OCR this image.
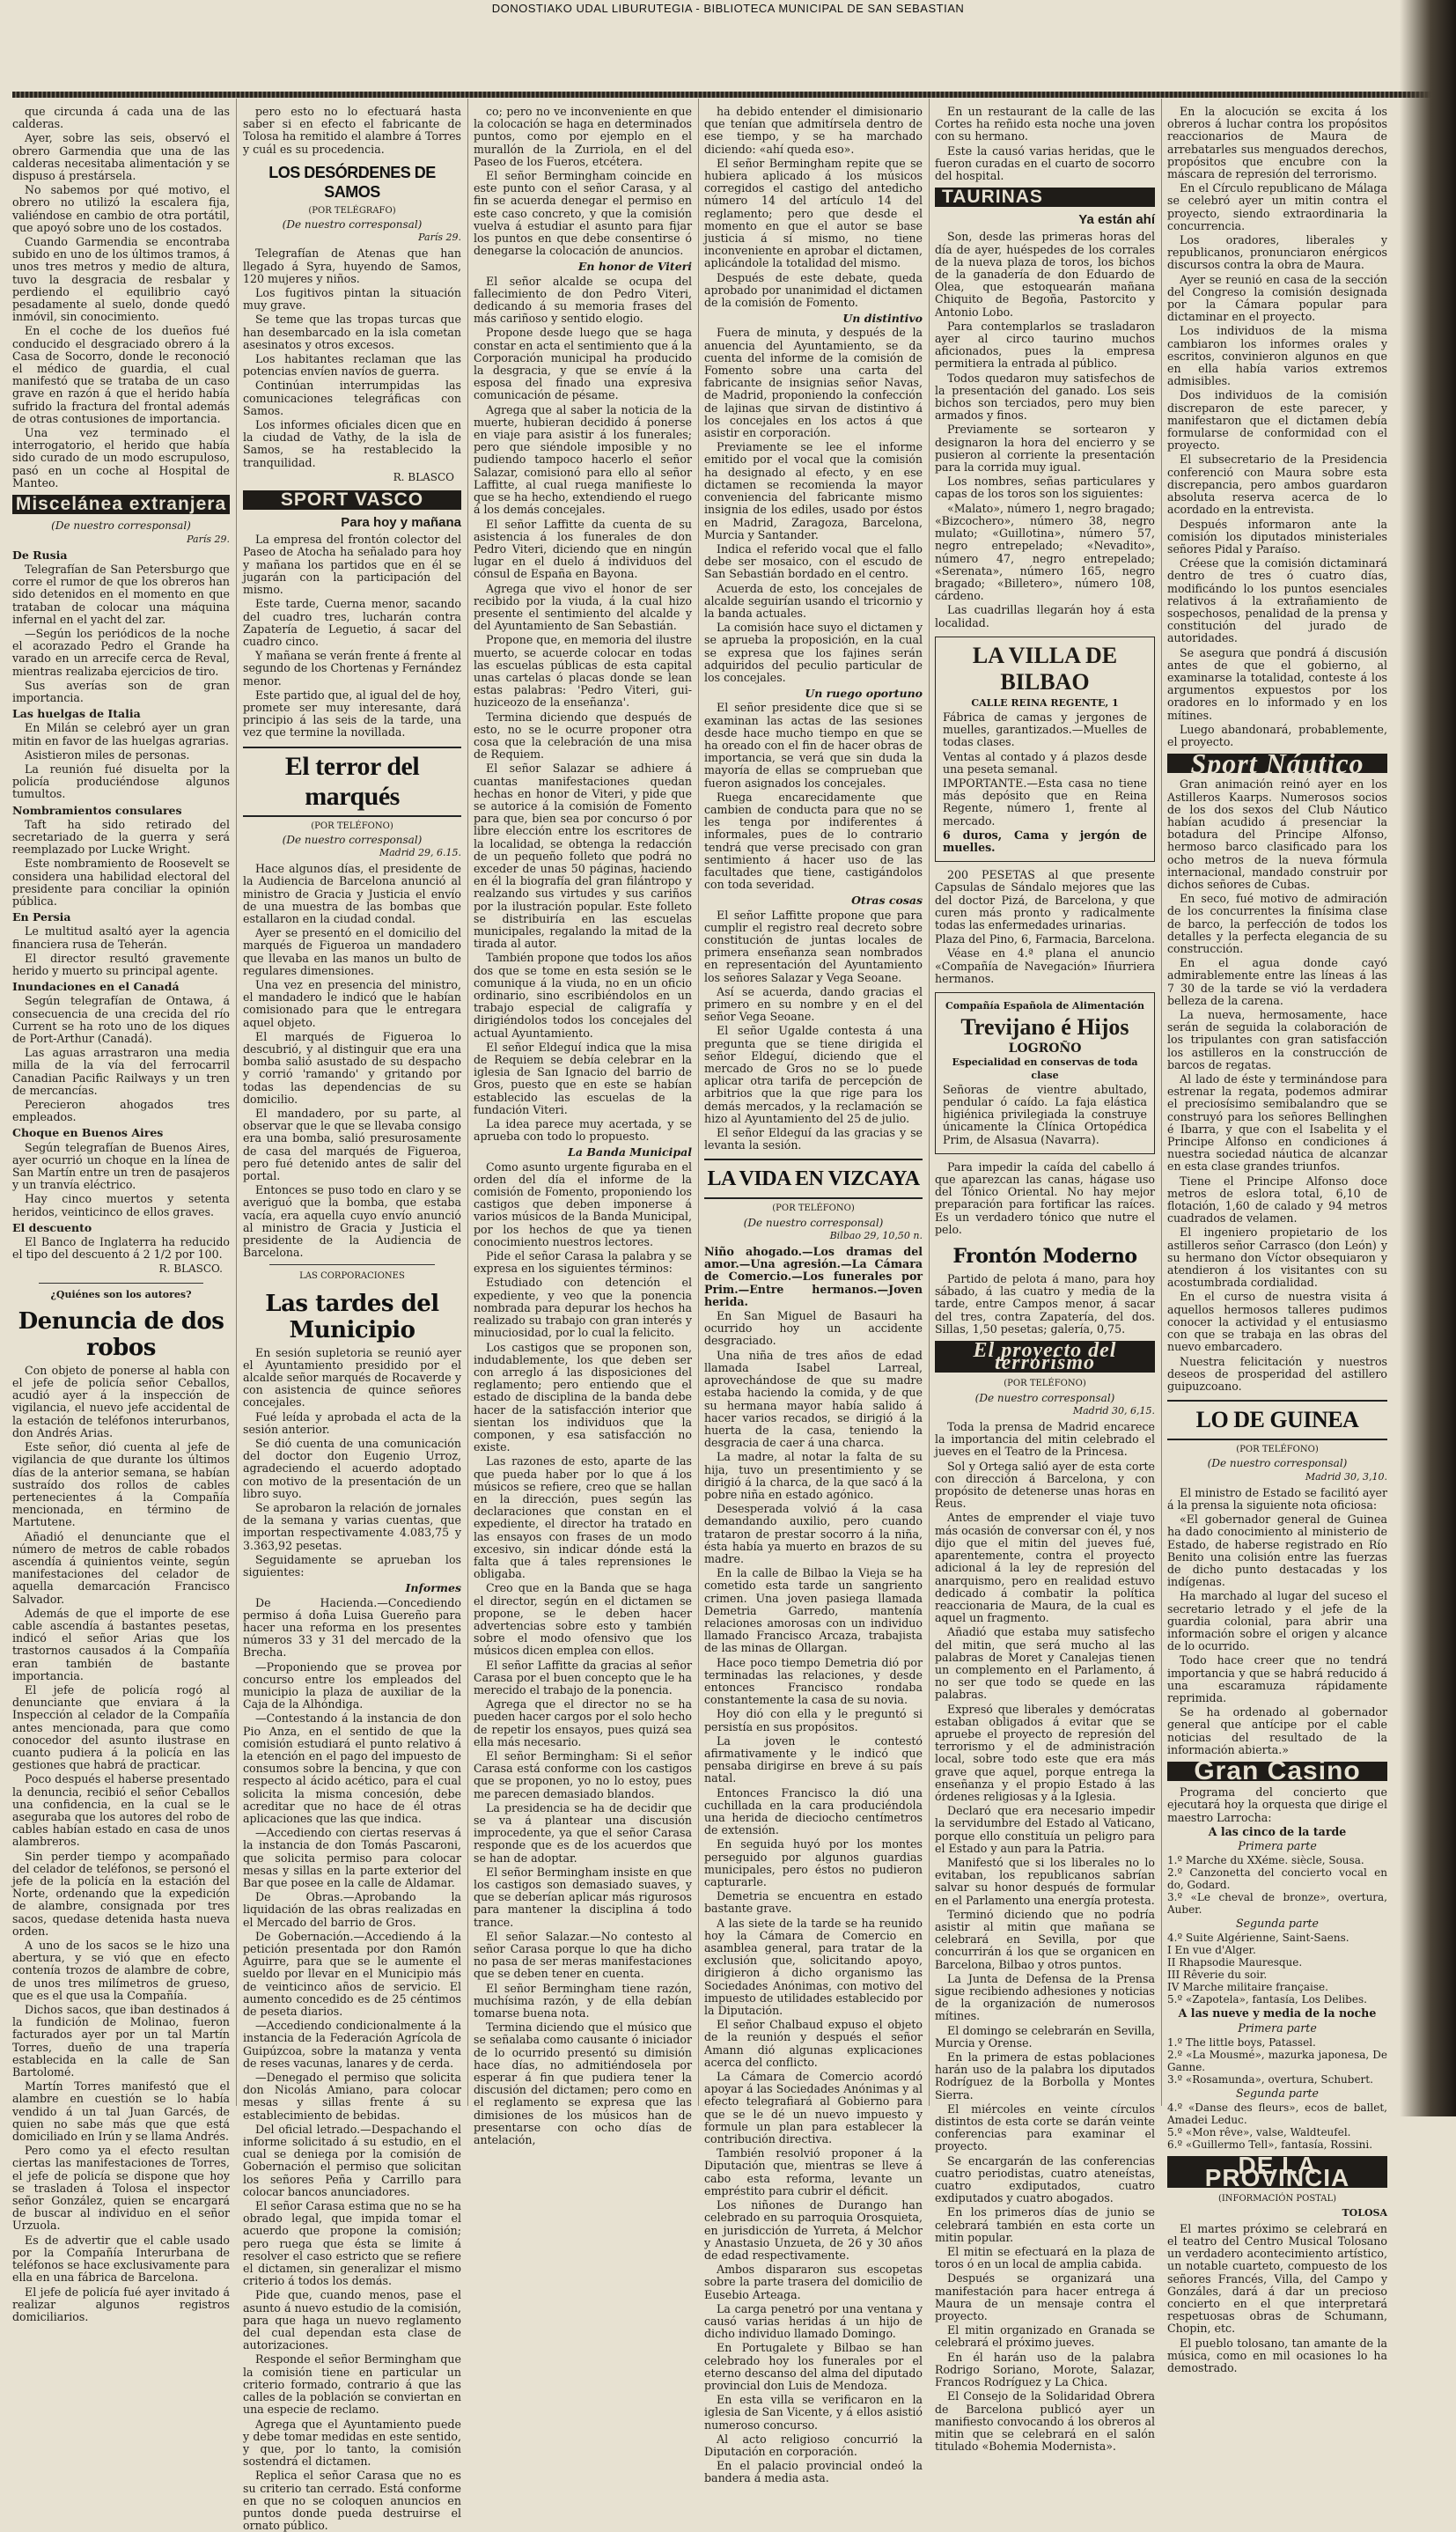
DONOSTIAKO UDAL LIBURUTEGIA - BIBLIOTECA MUNICIPAL DE SAN SEBASTIAN

que circunda á cada una de las calderas.

Ayer, sobre las seis, observó el obrero Garmendia que una de las calderas necesitaba alimentación y se dispuso á prestársela.

No sabemos por qué motivo, el obrero no utilizó la escalera fija, valiéndose en cambio de otra portátil, que apoyó sobre uno de los costados.

Cuando Garmendia se encontraba subido en uno de los últimos tramos, á unos tres metros y medio de altura, tuvo la desgracia de resbalar y perdiendo el equilibrio cayó pesadamente al suelo, donde quedó inmóvil, sin conocimiento.

En el coche de los dueños fué conducido el desgraciado obrero á la Casa de Socorro, donde le reconoció el médico de guardia, el cual manifestó que se trataba de un caso grave en razón á que el herido había sufrido la fractura del frontal además de otras contusiones de importancia.

Una vez terminado el interrogatorio, el herido que había sido curado de un modo escrupuloso, pasó en un coche al Hospital de Manteo.

Miscelánea extranjera

(De nuestro corresponsal)

París 29.

De Rusia

Telegrafían de San Petersburgo que corre el rumor de que los obreros han sido detenidos en el momento en que trataban de colocar una máquina infernal en el yacht del zar.

—Según los periódicos de la noche el acorazado Pedro el Grande ha varado en un arrecife cerca de Reval, mientras realizaba ejercicios de tiro.

Sus averías son de gran importancia.

Las huelgas de Italia

En Milán se celebró ayer un gran mitin en favor de las huelgas agrarias.

Asistieron miles de personas.

La reunión fué disuelta por la policía produciéndose algunos tumultos.

Nombramientos consulares

Taft ha sido retirado del secretariado de la guerra y será reemplazado por Lucke Wright.

Este nombramiento de Roosevelt se considera una habilidad electoral del presidente para conciliar la opinión pública.

En Persia

Le multitud asaltó ayer la agencia financiera rusa de Teherán.

El director resultó gravemente herido y muerto su principal agente.

Inundaciones en el Canadá

Según telegrafían de Ontawa, á consecuencia de una crecida del río Current se ha roto uno de los diques de Port-Arthur (Canadá).

Las aguas arrastraron una media milla de la vía del ferrocarril Canadian Pacific Railways y un tren de mercancías.

Perecieron ahogados tres empleados.

Choque en Buenos Aires

Según telegrafían de Buenos Aires, ayer ocurrió un choque en la línea de San Martín entre un tren de pasajeros y un tranvía eléctrico.

Hay cinco muertos y setenta heridos, veinticinco de ellos graves.

El descuento

El Banco de Inglaterra ha reducido el tipo del descuento á 2 1/2 por 100.

R. BLASCO.

¿Quiénes son los autores?

Denuncia de dos robos

Con objeto de ponerse al habla con el jefe de policía señor Ceballos, acudió ayer á la inspección de vigilancia, el nuevo jefe accidental de la estación de teléfonos interurbanos, don Andrés Arias.

Este señor, dió cuenta al jefe de vigilancia de que durante los últimos días de la anterior semana, se habían sustraído dos rollos de cables pertenecientes á la Compañía mencionada, en término de Martutene.

Añadió el denunciante que el número de metros de cable robados ascendía á quinientos veinte, según manifestaciones del celador de aquella demarcación Francisco Salvador.

Además de que el importe de ese cable ascendía á bastantes pesetas, indicó el señor Arias que los trastornos causados á la Compañía eran también de bastante importancia.

El jefe de policía rogó al denunciante que enviara á la Inspección al celador de la Compañía antes mencionada, para que como conocedor del asunto ilustrase en cuanto pudiera á la policía en las gestiones que habrá de practicar.

Poco después el habersе presentado la denuncia, recibió el señor Ceballos una confidencia, en la cual se le aseguraba que los autores del robo de cables habían estado en casa de unos alambreros.

Sin perder tiempo y acompañado del celador de teléfonos, se personó el jefe de la policía en la estación del Norte, ordenando que la expedición de alambre, consignada por tres sacos, quedase detenida hasta nueva orden.

A uno de los sacos se le hizo una abertura, y se vió que en efecto contenía trozos de alambre de cobre, de unos tres milímetros de grueso, que es el que usa la Compañía.

Dichos sacos, que iban destinados á la fundición de Molinao, fueron facturados ayer por un tal Martín Torres, dueño de una trapería establecida en la calle de San Bartolomé.

Martín Torres manifestó que el alambre en cuestión se lo había vendido á un tal Juan Garcés, de quien no sabe más que que está domiciliado en Irún y se llama Andrés.

Pero como ya el efecto resultan ciertas las manifestaciones de Torres, el jefe de policía se dispone que hoy se trasladen á Tolosa el inspector señor González, quien se encargará de buscar al individuo en el señor Urzuola.

Es de advertir que el cable usado por la Compañía Interurbana de teléfonos se hace exclusivamente para ella en una fábrica de Barcelona.

El jefe de policía fué ayer invitado á realizar algunos registros domiciliarios.

pero esto no lo efectuará hasta saber si en efecto el fabricante de Tolosa ha remitido el alambre á Torres y cuál es su procedencia.

LOS DESÓRDENES DE SAMOS

(POR TELÉGRAFO)

(De nuestro corresponsal)

París 29.

Telegrafían de Atenas que han llegado á Syra, huyendo de Samos, 120 mujeres y niños.

Los fugitivos pintan la situación muy grave.

Se teme que las tropas turcas que han desembarcado en la isla cometan asesinatos y otros excesos.

Los habitantes reclaman que las potencias envíen navíos de guerra.

Continúan interrumpidas las comunicaciones telegráficas con Samos.

Los informes oficiales dicen que en la ciudad de Vathy, de la isla de Samos, se ha restablecido la tranquilidad.

R. BLASCO

SPORT VASCO
Para hoy y mañana

La empresa del frontón colector del Paseo de Atocha ha señalado para hoy y mañana los partidos que en él se jugarán con la participación del mismo.

Este tarde, Cuerna menor, sacando del cuadro tres, lucharán contra Zapatería de Leguetio, á sacar del cuadro cinco.

Y mañana se verán frente á frente al segundo de los Chortenas y Fernández menor.

Este partido que, al igual del de hoy, promete ser muy interesante, dará principio á las seis de la tarde, una vez que termine la novillada.

El terror del marqués

(POR TELÉFONO)

(De nuestro corresponsal)

Madrid 29, 6.15.

Hace algunos días, el presidente de la Audiencia de Barcelona anunció al ministro de Gracia y Justicia el envío de una muestra de las bombas que estallaron en la ciudad condal.

Ayer se presentó en el domicilio del marqués de Figueroa un mandadero que llevaba en las manos un bulto de regulares dimensiones.

Una vez en presencia del ministro, el mandadero le indicó que le habían comisionado para que le entregara aquel objeto.

El marqués de Figueroa lo descubrió, y al distinguir que era una bomba salió asustado de su despacho y corrió 'ramando' y gritando por todas las dependencias de su domicilio.

El mandadero, por su parte, al observar que le que se llevaba consigo era una bomba, salió presurosamente de casa del marqués de Figueroa, pero fué detenido antes de salir del portal.

Entonces se puso todo en claro y se averiguó que la bomba, que estaba vacía, era aquella cuyo envío anunció al ministro de Gracia y Justicia el presidente de la Audiencia de Barcelona.

LAS CORPORACIONES

Las tardes del Municipio

En sesión supletoria se reunió ayer el Ayuntamiento presidido por el alcalde señor marqués de Rocaverde y con asistencia de quince señores concejales.

Fué leída y aprobada el acta de la sesión anterior.

Se dió cuenta de una comunicación del doctor don Eugenio Urroz, agradeciendo el acuerdo adoptado con motivo de la presentación de un libro suyo.

Se aprobaron la relación de jornales de la semana y varias cuentas, que importan respectivamente 4.083,75 y 3.363,92 pesetas.

Seguidamente se aprueban los siguientes:

Informes

De Hacienda.—Concediendo permiso á doña Luisa Guereño para hacer una reforma en los presentes números 33 y 31 del mercado de la Brecha.

—Proponiendo que se provea por concurso entre los empleados del municipio la plaza de auxiliar de la Caja de la Alhóndiga.

—Contestando á la instancia de don Pio Anza, en el sentido de que la comisión estudiará el punto relativo á la etención en el pago del impuesto de consumos sobre la bencina, y que con respecto al ácido acético, para el cual solicita la misma concesión, debe acreditar que no hace de él otras aplicaciones que las que indica.

—Accediendo con ciertas reservas á la instancia de don Tomás Pascaroni, que solicita permiso para colocar mesas y sillas en la parte exterior del Bar que posee en la calle de Aldamar.

De Obras.—Aprobando la liquidación de las obras realizadas en el Mercado del barrio de Gros.

De Gobernación.—Accediendo á la petición presentada por don Ramón Aguirre, para que se le aumente el sueldo por llevar en el Municipio más de veinticinco años de servicio. El aumento concedido es de 25 céntimos de peseta diarios.

—Accediendo condicionalmente á la instancia de la Federación Agrícola de Guipúzcoa, sobre la matanza y venta de reses vacunas, lanares y de cerda.

—Denegado el permiso que solicita don Nicolás Amiano, para colocar mesas y sillas frente á su establecimiento de bebidas.

Del oficial letrado.—Despachando el informe solicitado á su estudio, en el cual se deniega por la comisión de Gobernación el permiso que solicitan los señores Peña y Carrillo para colocar bancos anunciadores.

El señor Carasa estima que no se ha obrado legal, que impida tomar el acuerdo que propone la comisión; pero ruega que ésta se limite á resolver el caso estricto que se refiere el dictamen, sin generalizar el mismo criterio á todos los demás.

Pide que, cuando menos, pase el asunto á nuevo estudio de la comisión, para que haga un nuevo reglamento del cual dependan esta clase de autorizaciones.

Responde el señor Bermingham que la comisión tiene en particular un criterio formado, contrario á que las calles de la población se conviertan en una especie de reclamo.

Agrega que el Ayuntamiento puede y debe tomar medidas en este sentido, y que, por lo tanto, la comisión sostendrá el dictamen.

Replica el señor Carasa que no es su criterio tan cerrado. Está conforme en que no se coloquen anuncios en puntos donde pueda destruirse el ornato público.

co; pero no ve inconveniente en que la colocación se haga en determinados puntos, como por ejemplo en el murallón de la Zurriola, en el del Paseo de los Fueros, etcétera.

El señor Bermingham coincide en este punto con el señor Carasa, y al fin se acuerda denegar el permiso en este caso concreto, y que la comisión vuelva á estudiar el asunto para fijar los puntos en que debe consentirse ó denegarse la colocación de anuncios.

En honor de Viteri

El señor alcalde se ocupa del fallecimiento de don Pedro Viteri, dedicando á su memoria frases del más cariñoso y sentido elogio.

Propone desde luego que se haga constar en acta el sentimiento que á la Corporación municipal ha producido la desgracia, y que se envíe á la esposa del finado una expresiva comunicación de pésame.

Agrega que al saber la noticia de la muerte, hubieran decidido á ponerse en viaje para asistir á los funerales; pero que siéndole imposible y no pudiendo tampoco hacerlo el señor Salazar, comisionó para ello al señor Laffitte, al cual ruega manifieste lo que se ha hecho, extendiendo el ruego á los demás concejales.

El señor Laffitte da cuenta de su asistencia á los funerales de don Pedro Viteri, diciendo que en ningún lugar en el duelo á individuos del cónsul de España en Bayona.

Agrega que vivo el honor de ser recibido por la viuda, á la cual hizo presente el sentimiento del alcalde y del Ayuntamiento de San Sebastián.

Propone que, en memoria del ilustre muerto, se acuerde colocar en todas las escuelas públicas de esta capital unas cartelas ó placas donde se lean estas palabras: 'Pedro Viteri, gui-huziceozo de la enseñanza'.

Termina diciendo que después de esto, no se le ocurre proponer otra cosa que la celebración de una misa de Requiem.

El señor Salazar se adhiere á cuantas manifestaciones quedan hechas en honor de Viteri, y pide que se autorice á la comisión de Fomento para que, bien sea por concurso ó por libre elección entre los escritores de la localidad, se obtenga la redacción de un pequeño folleto que podrá no exceder de unas 50 páginas, haciendo en él la biografía del gran filántropo y realzando sus virtudes y sus cariños por la ilustración popular. Este folleto se distribuiría en las escuelas municipales, regalando la mitad de la tirada al autor.

También propone que todos los años dos que se tome en esta sesión se le comunique á la viuda, no en un oficio ordinario, sino escribiéndolos en un trabajo especial de caligrafía y dirigiéndolos todos los concejales del actual Ayuntamiento.

El señor Eldeguí indica que la misa de Requiem se debía celebrar en la iglesia de San Ignacio del barrio de Gros, puesto que en este se habían establecido las escuelas de la fundación Viteri.

La idea parece muy acertada, y se aprueba con todo lo propuesto.

La Banda Municipal

Como asunto urgente figuraba en el orden del día el informe de la comisión de Fomento, proponiendo los castigos que deben imponerse á varios músicos de la Banda Municipal, por los hechos de que ya tienen conocimiento nuestros lectores.

Pide el señor Carasa la palabra y se expresa en los siguientes términos:

Estudiado con detención el expediente, y veo que la ponencia nombrada para depurar los hechos ha realizado su trabajo con gran interés y minuciosidad, por lo cual la felicito.

Los castigos que se proponen son, indudablemente, los que deben ser con arreglo á las disposiciones del reglamento; pero entiendo que el estado de disciplina de la banda debe hacer de la satisfacción interior que sientan los individuos que la componen, y esa satisfacción no existe.

Las razones de esto, aparte de las que pueda haber por lo que á los músicos se refiere, creo que se hallan en la dirección, pues según las declaraciones que constan en el expediente, el director ha tratado en las ensayos con frases de un modo excesivo, sin indicar dónde está la falta que á tales reprensiones le obligaba.

Creo que en la Banda que se haga el director, según en el dictamen se propone, se le deben hacer advertencias sobre esto y también sobre el modo ofensivo que los músicos dicen emplea con ellos.

El señor Laffitte da gracias al señor Carasa por el buen concepto que le ha merecido el trabajo de la ponencia.

Agrega que el director no se ha pueden hacer cargos por el solo hecho de repetir los ensayos, pues quizá sea ella más necesario.

El señor Bermingham: Si el señor Carasa está conforme con los castigos que se proponen, yo no lo estoy, pues me parecen demasiado blandos.

La presidencia se ha de decidir que se va á plantear una discusión improcedente, ya que el señor Carasa responde que es de los acuerdos que se han de adoptar.

El señor Bermingham insiste en que los castigos son demasiado suaves, y que se deberían aplicar más rigurosos para mantener la disciplina á todo trance.

El señor Salazar.—No contesto al señor Carasa porque lo que ha dicho no pasa de ser meras manifestaciones que se deben tener en cuenta.

El señor Bermingham tiene razón, muchísima razón, y de ella debían tomarse buena nota.

Termina diciendo que el músico que se señalaba como causante ó iniciador de lo ocurrido presentó su dimisión hace días, no admitiéndosela por esperar á fin que pudiera tener la discusión del dictamen; pero como en el reglamento se expresa que las dimisiones de los músicos han de presentarse con ocho días de antelación,

ha debido entender el dimisionario que tenían que admitírsela dentro de ese tiempo, y se ha marchado diciendo: «ahí queda eso».

El señor Bermingham repite que se hubiera aplicado á los músicos corregidos el castigo del antedicho número 14 del artículo 14 del reglamento; pero que desde el momento en que el autor se base justicia á sí mismo, no tiene inconveniente en aprobar el dictamen, aplicándole la totalidad del mismo.

Después de este debate, queda aprobado por unanimidad el dictamen de la comisión de Fomento.

Un distintivo

Fuera de minuta, y después de la anuencia del Ayuntamiento, se da cuenta del informe de la comisión de Fomento sobre una carta del fabricante de insignias señor Navas, de Madrid, proponiendo la confección de lajinas que sirvan de distintivo á los concejales en los actos á que asistir en corporación.

Previamente se lee el informe emitido por el vocal que la comisión ha designado al efecto, y en ese dictamen se recomienda la mayor conveniencia del fabricante mismo insignia de los ediles, usado por éstos en Madrid, Zaragoza, Barcelona, Murcia y Santander.

Indica el referido vocal que el fallo debe ser mosaico, con el escudo de San Sebastián bordado en el centro.

Acuerda de esto, los concejales de alcalde seguirían usando el tricornio y la banda actuales.

La comisión hace suyo el dictamen y se aprueba la proposición, en la cual se expresa que los fajines serán adquiridos del peculio particular de los concejales.

Un ruego oportuno

El señor presidente dice que si se examinan las actas de las sesiones desde hace mucho tiempo en que se ha oreado con el fin de hacer obras de importancia, se verá que sin duda la mayoría de ellas se comprueban que fueron asignados los concejales.

Ruega encarecidamente que cambien de conducta para que no se les tenga por indiferentes á informales, pues de lo contrario tendrá que verse precisado con gran sentimiento á hacer uso de las facultades que tiene, castigándolos con toda severidad.

Otras cosas

El señor Laffitte propone que para cumplir el registro real decreto sobre constitución de juntas locales de primera enseñanza sean nombrados en representación del Ayuntamiento los señores Salazar y Vega Seoane.

Así se acuerda, dando gracias el primero en su nombre y en el del señor Vega Seoane.

El señor Ugalde contesta á una pregunta que se tiene dirigida el señor Eldeguí, diciendo que el mercado de Gros no se lo puede aplicar otra tarifa de percepción de arbitrios que la que rige para los demás mercados, y la reclamación se hizo al Ayuntamiento del 25 de julio.

El señor Eldeguí da las gracias y se levanta la sesión.

LA VIDA EN VIZCAYA

(POR TELÉFONO)

(De nuestro corresponsal)

Bilbao 29, 10,50 n.

Niño ahogado.—Los dramas del amor.—Una agresión.—La Cámara de Comercio.—Los funerales por Prim.—Entre hermanos.—Joven herida.

En San Miguel de Basauri ha ocurrido hoy un accidente desgraciado.

Una niña de tres años de edad llamada Isabel Larreal, aprovechándose de que su madre estaba haciendo la comida, y de que su hermana mayor había salido á hacer varios recados, se dirigió á la huerta de la casa, teniendo la desgracia de caer á una charca.

La madre, al notar la falta de su hija, tuvo un presentimiento y se dirigió á la charca, de la que sacó á la pobre niña en estado agónico.

Desesperada volvió á la casa demandando auxilio, pero cuando trataron de prestar socorro á la niña, ésta había ya muerto en brazos de su madre.

En la calle de Bilbao la Vieja se ha cometido esta tarde un sangriento crimen. Una joven pasiega llamada Demetria Garredo, mantenía relaciones amorosas con un individuo llamado Francisco Arcaza, trabajista de las minas de Ollargan.

Hace poco tiempo Demetria dió por terminadas las relaciones, y desde entonces Francisco rondaba constantemente la casa de su novia.

Hoy dió con ella y le preguntó si persistía en sus propósitos.

La joven le contestó afirmativamente y le indicó que pensaba dirigirse en breve á su país natal.

Entonces Francisco la dió una cuchillada en la cara produciéndola una herida de dieciocho centímetros de extensión.

En seguida huyó por los montes perseguido por algunos guardias municipales, pero éstos no pudieron capturarle.

Demetria se encuentra en estado bastante grave.

A las siete de la tarde se ha reunido hoy la Cámara de Comercio en asamblea general, para tratar de la exclusión que, solicitando apoyo, dirigieron á dicho organismo las Sociedades Anónimas, con motivo del impuesto de utilidades establecido por la Diputación.

El señor Chalbaud expuso el objeto de la reunión y después el señor Amann dió algunas explicaciones acerca del conflicto.

La Cámara de Comercio acordó apoyar á las Sociedades Anónimas y al efecto telegrafiará al Gobierno para que se le dé un nuevo impuesto y formule un plan para establecer la contribución directiva.

También resolvió proponer á la Diputación que, mientras se lleve á cabo esta reforma, levante un empréstito para cubrir el déficit.

Los niñones de Durango han celebrado en su parroquia Orosquieta, en jurisdicción de Yurreta, á Melchor y Anastasio Unzueta, de 26 y 30 años de edad respectivamente.

Ambos dispararon sus escopetas sobre la parte trasera del domicilio de Eusebio Arteaga.

La carga penetró por una ventana y causó varias heridas á un hijo de dicho individuo llamado Domingo.

En Portugalete y Bilbao se han celebrado hoy los funerales por el eterno descanso del alma del diputado provincial don Luis de Mendoza.

En esta villa se verificaron en la iglesia de San Vicente, y á ellos asistió numeroso concurso.

Al acto religioso concurrió la Diputación en corporación.

En el palacio provincial ondeó la bandera á media asta.

En un restaurant de la calle de las Cortes ha reñido esta noche una joven con su hermano.

Este la causó varias heridas, que le fueron curadas en el cuarto de socorro del hospital.

TAURINAS
Ya están ahí

Son, desde las primeras horas del día de ayer, huéspedes de los corrales de la nueva plaza de toros, los bichos de la ganadería de don Eduardo de Olea, que estoquearán mañana Chiquito de Begoña, Pastorcito y Antonio Lobo.

Para contemplarlos se trasladaron ayer al circo taurino muchos aficionados, pues la empresa permitiera la entrada al público.

Todos quedaron muy satisfechos de la presentación del ganado. Los seis bichos son terciados, pero muy bien armados y finos.

Previamente se sortearon y designaron la hora del encierro y se pusieron al corriente la presentación para la corrida muy igual.

Los nombres, señas particulares y capas de los toros son los siguientes:

«Malato», número 1, negro bragado; «Bizcochero», número 38, negro mulato; «Guillotina», número 57, negro entrepelado; «Nevadito», número 47, negro entrepelado; «Serenata», número 165, negro bragado; «Billetero», número 108, cárdeno.

Las cuadrillas llegarán hoy á esta localidad.

LA VILLA DE BILBAO
CALLE REINA REGENTE, 1

Fábrica de camas y jergones de muelles, garantizados.—Muelles de todas clases.

Ventas al contado y á plazos desde una peseta semanal.

IMPORTANTE.—Esta casa no tiene más depósito que en Reina Regente, número 1, frente al mercado.

6 duros, Cama y jergón de muelles.

200 PESETAS al que presente Capsulas de Sándalo mejores que las del doctor Pizá, de Barcelona, y que curen más pronto y radicalmente todas las enfermedades urinarias.

Plaza del Pino, 6, Farmacia, Barcelona.

Véase en 4.ª plana el anuncio «Compañía de Navegación» Iñurriera hermanos.

Compañía Española de Alimentación
Trevijano é Hijos
LOGROÑO
Especialidad en conservas de toda clase

Señoras de vientre abultado, pendular ó caído. La faja elástica higiénica privilegiada la construye únicamente la Clínica Ortopédica Prim, de Alsasua (Navarra).

Para impedir la caída del cabello á que aparezcan las canas, hágase uso del Tónico Oriental. No hay mejor preparación para fortificar las raíces. Es un verdadero tónico que nutre el pelo.

Frontón Moderno

Partido de pelota á mano, para hoy sábado, á las cuatro y media de la tarde, entre Campos menor, á sacar del tres, contra Zapatería, del dos. Sillas, 1,50 pesetas; galería, 0,75.

El proyecto del terrorismo

(POR TELÉFONO)

(De nuestro corresponsal)

Madrid 30, 6,15.

Toda la prensa de Madrid encarece la importancia del mitin celebrado el jueves en el Teatro de la Princesa.

Sol y Ortega salió ayer de esta corte con dirección á Barcelona, y con propósito de detenerse unas horas en Reus.

Antes de emprender el viaje tuvo más ocasión de conversar con él, y nos dijo que el mitin del jueves fué, aparentemente, contra el proyecto adicional á la ley de represión del anarquismo, pero en realidad estuvo dedicado á combatir la política reaccionaria de Maura, de la cual es aquel un fragmento.

Añadió que estaba muy satisfecho del mitin, que será mucho al las palabras de Moret y Canalejas tienen un complemento en el Parlamento, á no ser que todo se quede en las palabras.

Expresó que liberales y demócratas estaban obligados á evitar que se apruebe el proyecto de represión del terrorismo y el de administración local, sobre todo este que era más grave que aquel, porque entrega la enseñanza y el propio Estado á las órdenes religiosas y á la Iglesia.

Declaró que era necesario impedir la servidumbre del Estado al Vaticano, porque ello constituía un peligro para el Estado y aun para la Patria.

Manifestó que si los liberales no lo evitaban, los republicanos sabrían salvar su honor después de formular en el Parlamento una energía protesta.

Terminó diciendo que no podría asistir al mitin que mañana se celebrará en Sevilla, por que concurrirán á los que se organicen en Barcelona, Bilbao y otros puntos.

La Junta de Defensa de la Prensa sigue recibiendo adhesiones y noticias de la organización de numerosos mítines.

El domingo se celebrarán en Sevilla, Murcia y Orense.

En la primera de estas poblaciones harán uso de la palabra los diputados Rodríguez de la Borbolla y Montes Sierra.

El miércoles en veinte círculos distintos de esta corte se darán veinte conferencias para examinar el proyecto.

Se encargarán de las conferencias cuatro periodistas, cuatro ateneístas, cuatro exdiputados, cuatro exdiputados y cuatro abogados.

En los primeros días de junio se celebrará también en esta corte un mitin popular.

El mitin se efectuará en la plaza de toros ó en un local de amplia cabida.

Después se organizará una manifestación para hacer entrega á Maura de un mensaje contra el proyecto.

El mitin organizado en Granada se celebrará el próximo jueves.

En él harán uso de la palabra Rodrigo Soriano, Morote, Salazar, Francos Rodríguez y La Chica.

El Consejo de la Solidaridad Obrera de Barcelona publicó ayer un manifiesto convocando á los obreros al mitin que se celebrará en el salón titulado «Bohemia Modernista».

En la alocución se excita á los obreros á luchar contra los propósitos reaccionarios de Maura de arrebatarles sus menguados derechos, propósitos que encubre con la máscara de represión del terrorismo.

En el Círculo republicano de Málaga se celebró ayer un mitin contra el proyecto, siendo extraordinaria la concurrencia.

Los oradores, liberales y republicanos, pronunciaron enérgicos discursos contra la obra de Maura.

Ayer se reunió en casa de la sección del Congreso la comisión designada por la Cámara popular para dictaminar en el proyecto.

Los individuos de la misma cambiaron los informes orales y escritos, convinieron algunos en que en ella había varios extremos admisibles.

Dos individuos de la comisión discreparon de este parecer, y manifestaron que el dictamen debía formularse de conformidad con el proyecto.

El subsecretario de la Presidencia conferenció con Maura sobre esta discrepancia, pero ambos guardaron absoluta reserva acerca de lo acordado en la entrevista.

Después informaron ante la comisión los diputados ministeriales señores Pidal y Paraíso.

Créese que la comisión dictaminará dentro de tres ó cuatro días, modificándo lo los puntos esenciales relativos á la extrañamiento de sospechosos, penalidad de la prensa y constitución del jurado de autoridades.

Se asegura que pondrá á discusión antes de que el gobierno, al examinarse la totalidad, conteste á los argumentos expuestos por los oradores en lo informado y en los mítines.

Luego abandonará, probablemente, el proyecto.

Sport Náutico

Gran animación reinó ayer en los Astilleros Kaarps. Numerosos socios de los dos sexos del Club Náutico habían acudido á presenciar la botadura del Principe Alfonso, hermoso barco clasificado para los ocho metros de la nueva fórmula internacional, mandado construir por dichos señores de Cubas.

En seco, fué motivo de admiración de los concurrentes la finísima clase de barco, la perfección de todos los detalles y la perfecta elegancia de su construcción.

En el agua donde cayó admirablemente entre las líneas á las 7 30 de la tarde se vió la verdadera belleza de la carena.

La nueva, hermosamente, hace serán de seguida la colaboración de los tripulantes con gran satisfacción los astilleros en la construcción de barcos de regatas.

Al lado de éste y terminándose para estrenar la regata, podemos admirar el preciosísimo semibalandro que se construyó para los señores Bellinghen é Ibarra, y que con el Isabelita y el Principe Alfonso en condiciones á nuestra sociedad náutica de alcanzar en esta clase grandes triunfos.

Tiene el Principe Alfonso doce metros de eslora total, 6,10 de flotación, 1,60 de calado y 94 metros cuadrados de velamen.

El ingeniero propietario de los astilleros señor Carrasco (don León) y su hermano don Víctor obsequiaron y atendieron á los visitantes con su acostumbrada cordialidad.

En el curso de nuestra visita á aquellos hermosos talleres pudimos conocer la actividad y el entusiasmo con que se trabaja en las obras del nuevo embarcadero.

Nuestra felicitación y nuestros deseos de prosperidad del astillero guipuzcoano.

LO DE GUINEA

(POR TELÉFONO)

(De nuestro corresponsal)

Madrid 30, 3,10.

El ministro de Estado se facilitó ayer á la prensa la siguiente nota oficiosa:

«El gobernador general de Guinea ha dado conocimiento al ministerio de Estado, de haberse registrado en Río Benito una colisión entre las fuerzas de dicho punto destacadas y los indígenas.

Ha marchado al lugar del suceso el secretario letrado y el jefe de la guardia colonial, para abrir una información sobre el origen y alcance de lo ocurrido.

Todo hace creer que no tendrá importancia y que se habrá reducido á una escaramuza rápidamente reprimida.

Se ha ordenado al gobernador general que antícipe por el cable noticias del resultado de la información abierta.»

Gran Casino

Programa del concierto que ejecutará hoy la orquesta que dirige el maestro Larrocha:

A las cinco de la tarde

Primera parte

1.º Marche du XXéme. siècle, Sousa.
2.º Canzonetta del concierto vocal en do, Godard.
3.º «Le cheval de bronze», overtura, Auber.

Segunda parte

4.º Suite Algérienne, Saint-Saens.
I En vue d'Alger.
II Rhapsodie Mauresque.
III Rêverie du soir.
IV Marche militaire française.
5.º «Zapotela», fantasía, Los Delibes.

A las nueve y media de la noche

Primera parte

1.º The little boys, Patassel.
2.º «La Mousmé», mazurka japonesa, De Ganne.
3.º «Rosamunda», overtura, Schubert.

Segunda parte

4.º «Danse des fleurs», ecos de ballet, Amadei Leduc.
5.º «Mon rêve», valse, Waldteufel.
6.º «Guillermo Tell», fantasía, Rossini.
DE LA PROVINCIA

(INFORMACIÓN POSTAL)

TOLOSA

El martes próximo se celebrará en el teatro del Centro Musical Tolosano un verdadero acontecimiento artístico, un notable cuarteto, compuesto de los señores Francés, Villa, del Campo y Gonzáles, dará á dar un precioso concierto en el que interpretará respetuosas obras de Schumann, Chopin, etc.

El pueblo tolosano, tan amante de la música, como en mil ocasiones lo ha demostrado.
